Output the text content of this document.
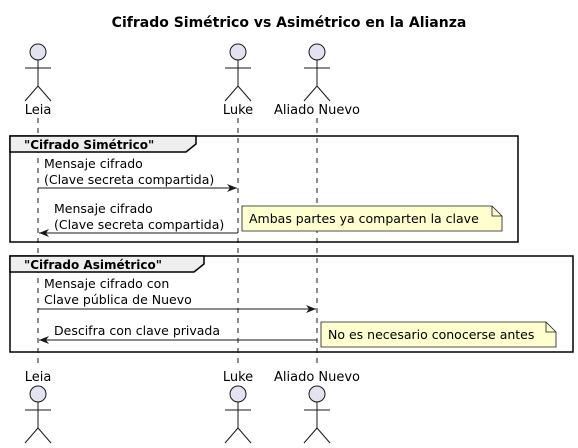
Cifrado Simétrico vs Asimétrico en la Alianza
Leia	Luke Aliado Nuevo
"Cifrado Simétrico"
Mensaje cifrado
(Clave secreta compartida)
Mensaje cifrado
(Clave secreta compartida) Ambas partes ya comparten la clave
"Cifrado Asimétrico"
Mensaje cifrado con
Clave pública de Nuevo
Descifra con clave privada	No es necesario conocerse antes
Leia	Luke Aliado Nuevo
